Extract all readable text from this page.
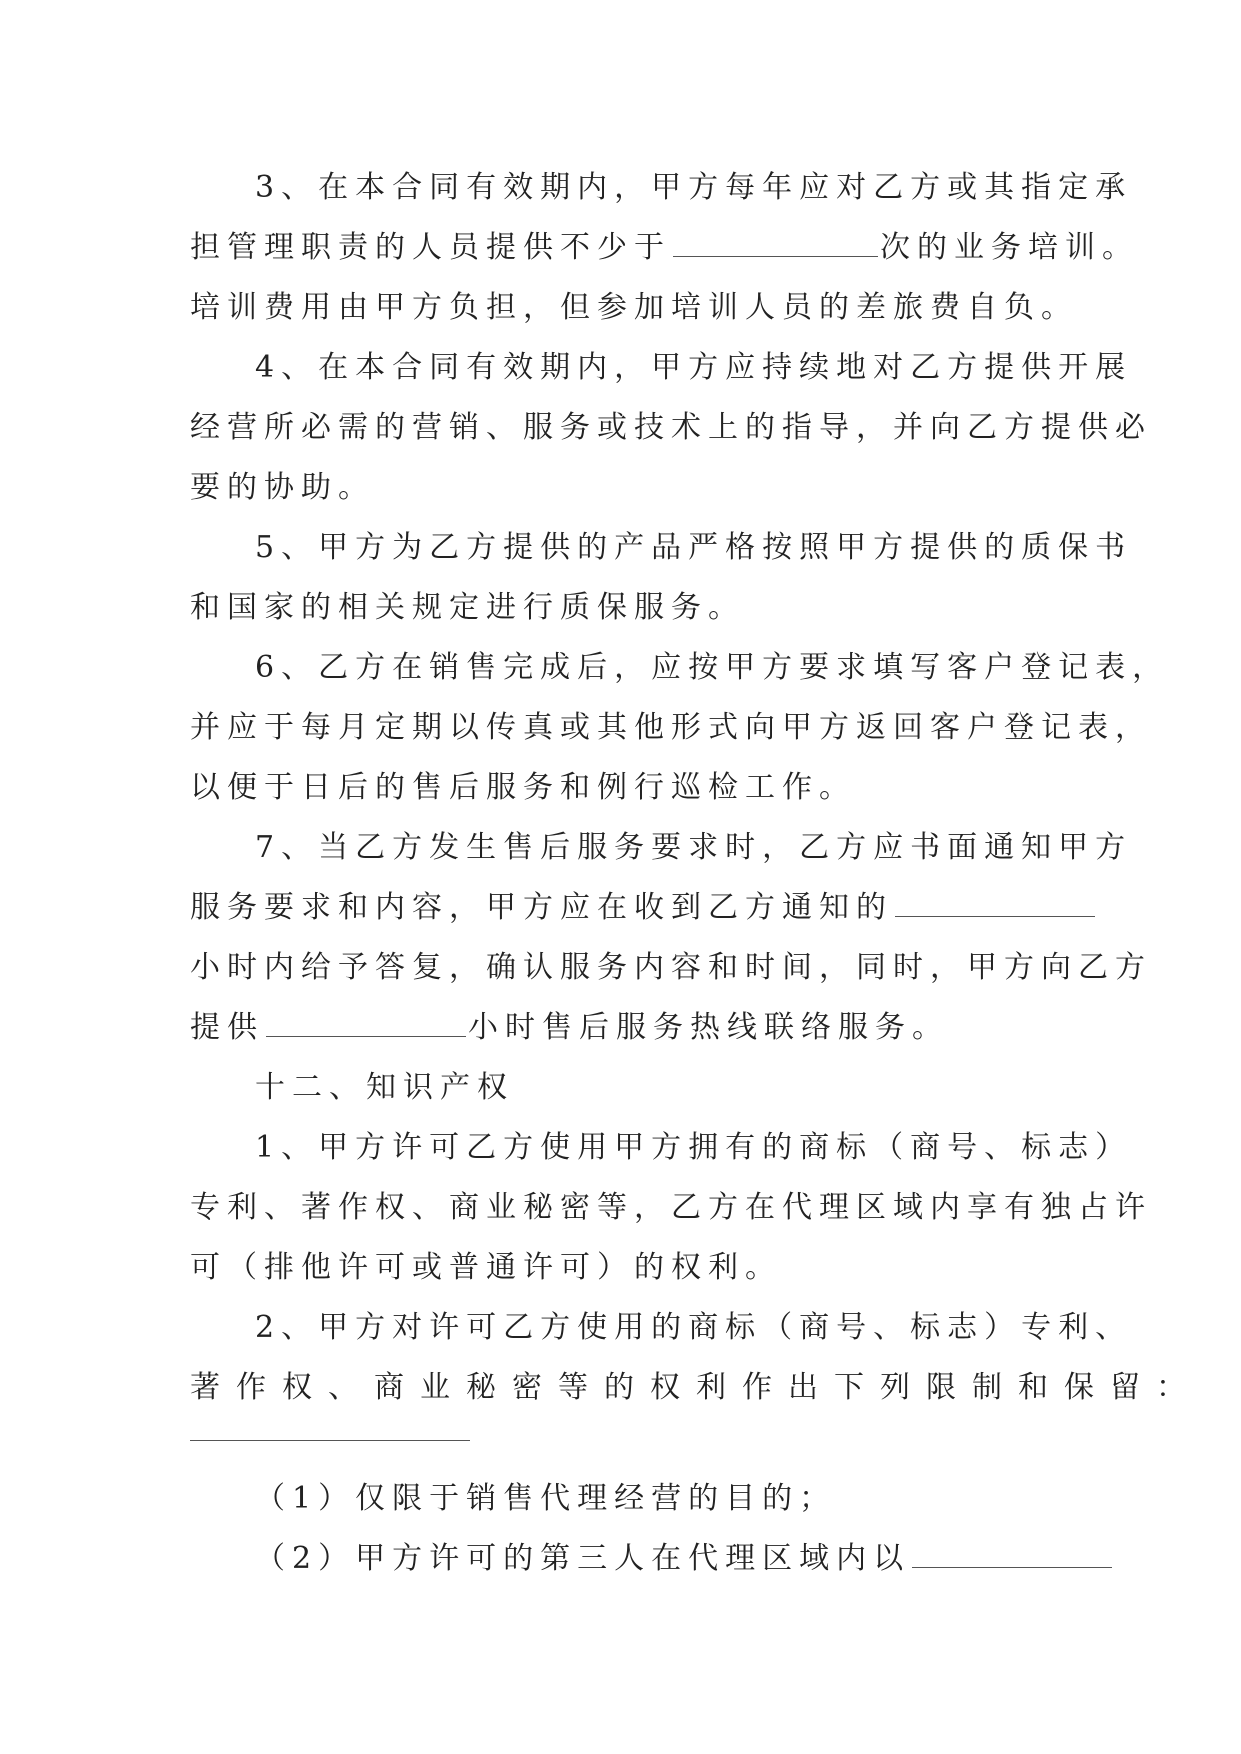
3、在本合同有效期内，甲方每年应对乙方或其指定承
担管理职责的人员提供不少于	次的业务培训。
培训费用由甲方负担，但参加培训人员的差旅费自负。
4、在本合同有效期内，甲方应持续地对乙方提供开展
经营所必需的营销、服务或技术上的指导，并向乙方提供必
要的协助。
5、甲方为乙方提供的产品严格按照甲方提供的质保书
和国家的相关规定进行质保服务。
6、乙方在销售完成后，应按甲方要求填写客户登记表，
并应于每月定期以传真或其他形式向甲方返回客户登记表，
以便于日后的售后服务和例行巡检工作。
7、当乙方发生售后服务要求时，乙方应书面通知甲方
服务要求和内容，甲方应在收到乙方通知的
小时内给予答复，确认服务内容和时间，同时，甲方向乙方
提供	小时售后服务热线联络服务。
十二、知识产权
1、甲方许可乙方使用甲方拥有的商标（商号、标志）
专利、著作权、商业秘密等，乙方在代理区域内享有独占许
可（排他许可或普通许可）的权利。
2、甲方对许可乙方使用的商标（商号、标志）专利、
著作权、商业秘密等的权利作出下列限制和保留：
（1）仅限于销售代理经营的目的；
（2）甲方许可的第三人在代理区域内以
